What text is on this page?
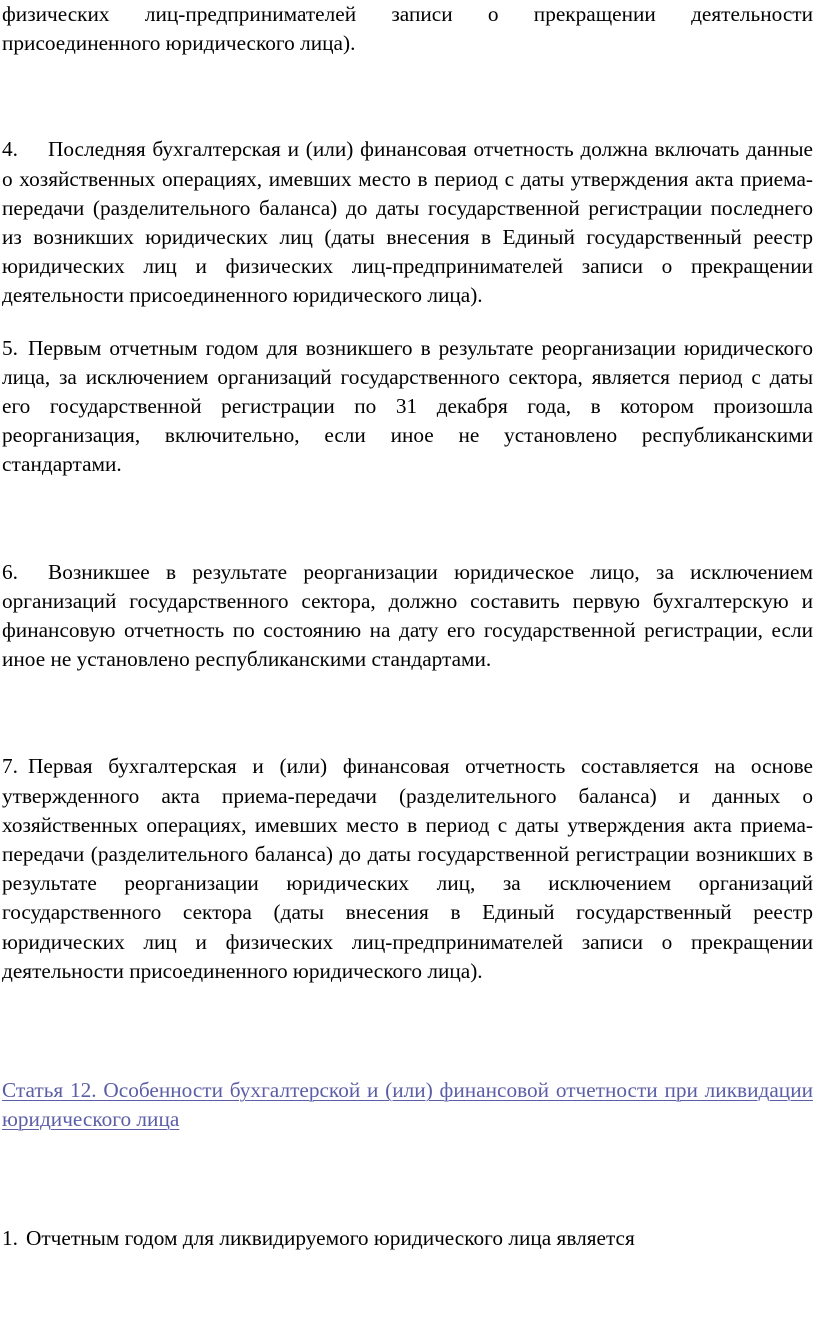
физических лиц-предпринимателей записи о прекращении деятельности присоединенного юридического лица).

4. Последняя бухгалтерская и (или) финансовая отчетность должна включать данные о хозяйственных операциях, имевших место в период с даты утверждения акта приема-передачи (разделительного баланса) до даты государственной регистрации последнего из возникших юридических лиц (даты внесения в Единый государственный реестр юридических лиц и физических лиц-предпринимателей записи о прекращении деятельности присоединенного юридического лица).

5. Первым отчетным годом для возникшего в результате реорганизации юридического лица, за исключением организаций государственного сектора, является период с даты его государственной регистрации по 31 декабря года, в котором произошла реорганизация, включительно, если иное не установлено республиканскими стандартами.

6. Возникшее в результате реорганизации юридическое лицо, за исключением организаций государственного сектора, должно составить первую бухгалтерскую и финансовую отчетность по состоянию на дату его государственной регистрации, если иное не установлено республиканскими стандартами.

7. Первая бухгалтерская и (или) финансовая отчетность составляется на основе утвержденного акта приема-передачи (разделительного баланса) и данных о хозяйственных операциях, имевших место в период с даты утверждения акта приема-передачи (разделительного баланса) до даты государственной регистрации возникших в результате реорганизации юридических лиц, за исключением организаций государственного сектора (даты внесения в Единый государственный реестр юридических лиц и физических лиц-предпринимателей записи о прекращении деятельности присоединенного юридического лица).

Статья 12. Особенности бухгалтерской и (или) финансовой отчетности при ликвидации юридического лица

1. Отчетным годом для ликвидируемого юридического лица является
